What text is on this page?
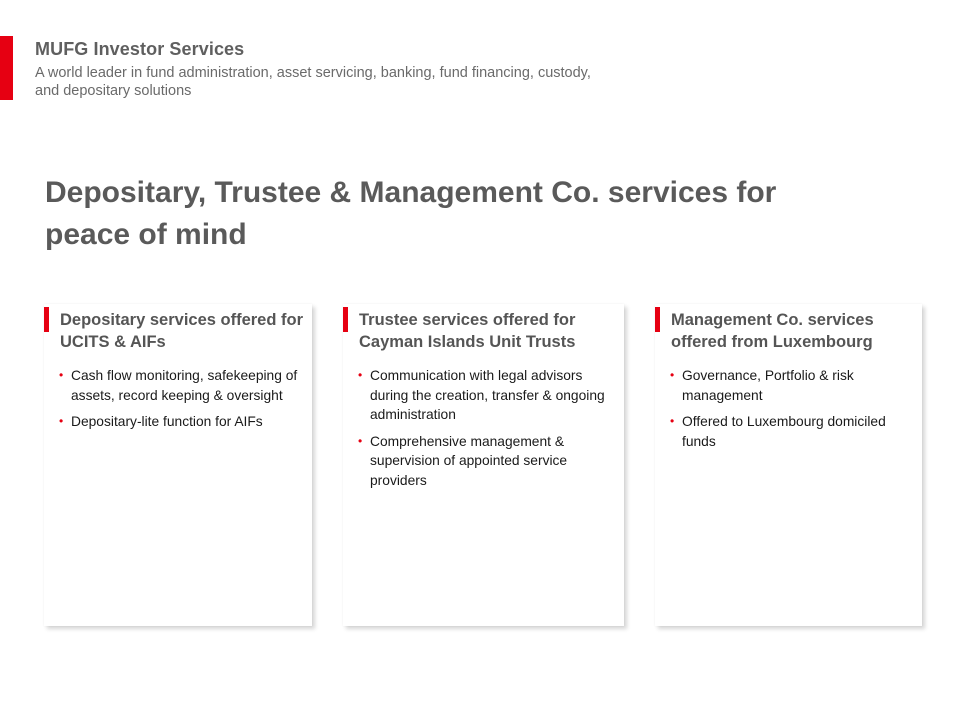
MUFG Investor Services
A world leader in fund administration, asset servicing, banking, fund financing, custody, and depositary solutions
Depositary, Trustee & Management Co. services for peace of mind
Depositary services offered for UCITS & AIFs
• Cash flow monitoring, safekeeping of assets, record keeping & oversight
• Depositary-lite function for AIFs
Trustee services offered for Cayman Islands Unit Trusts
• Communication with legal advisors during the creation, transfer & ongoing administration
• Comprehensive management & supervision of appointed service providers
Management Co. services offered from Luxembourg
• Governance, Portfolio & risk management
• Offered to Luxembourg domiciled funds
